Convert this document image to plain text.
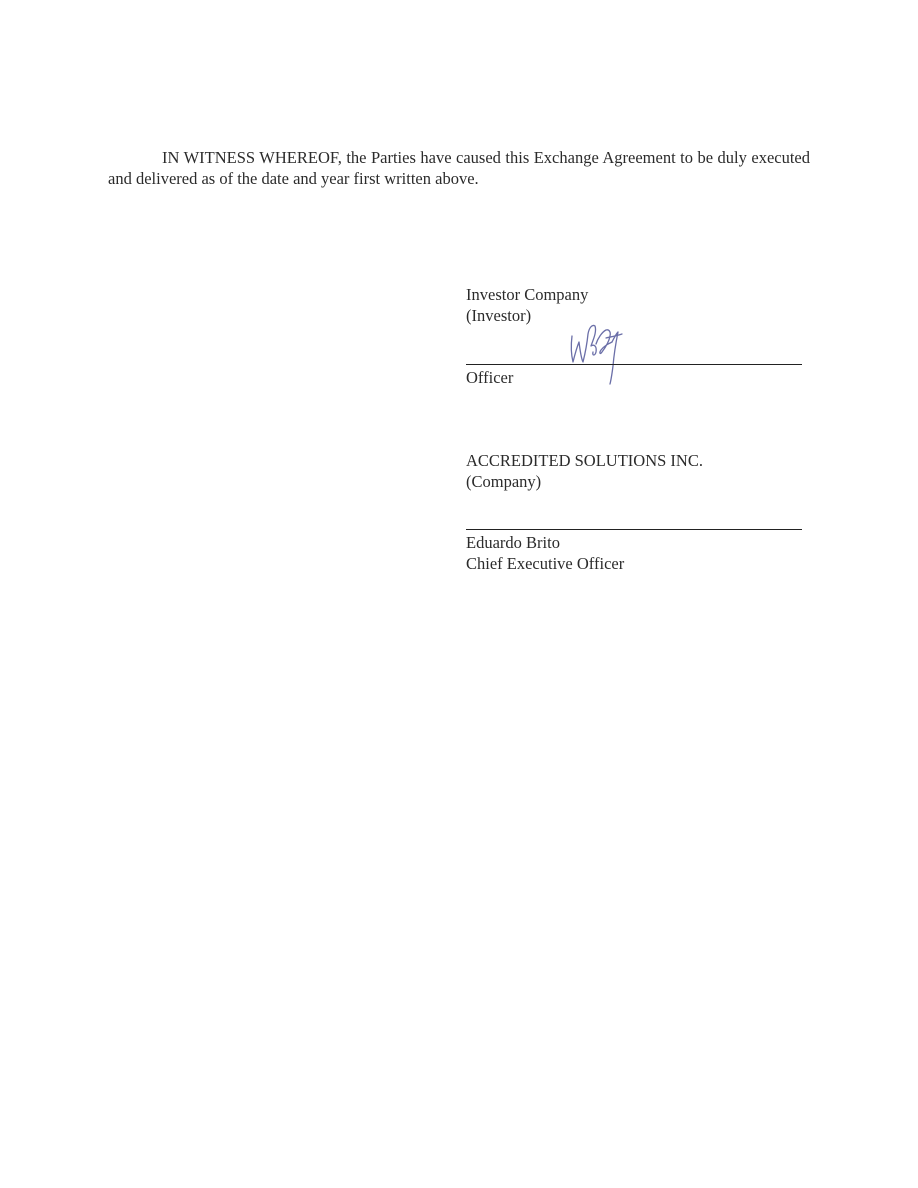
IN WITNESS WHEREOF, the Parties have caused this Exchange Agreement to be duly executed and delivered as of the date and year first written above.

Investor Company
(Investor)
Officer
ACCREDITED SOLUTIONS INC.
(Company)
Eduardo Brito
Chief Executive Officer
